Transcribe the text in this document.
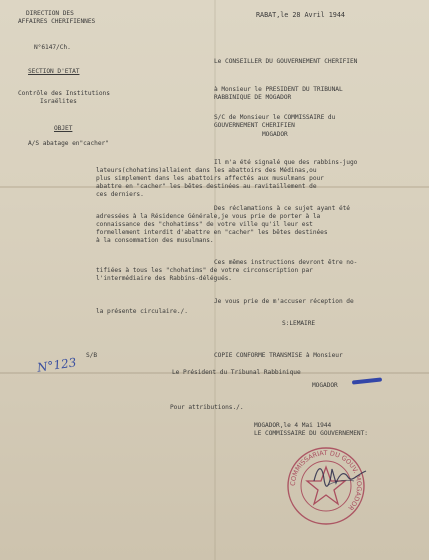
DIRECTION DES
AFFAIRES CHERIFIENNES
N°6147/Ch.
SECTION D'ETAT
Contrôle des Institutions
Israëlites
OBJET
A/S abatage en"cacher"
RABAT,le 28 Avril 1944
Le CONSEILLER DU GOUVERNEMENT CHERIFIEN
à Monsieur le PRESIDENT DU TRIBUNAL
RABBINIQUE DE MOGADOR
S/C de Monsieur le COMMISSAIRE du
GOUVERNEMENT CHERIFIEN
MOGADOR
Il m'a été signalé que des rabbins-jugo
lateurs(chohatims)allaient dans les abattoirs des Médinas,ou
plus simplement dans les abattoirs affectés aux musulmans pour
abattre en "cacher" les bêtes destinées au ravitaillement de
ces derniers.
Des réclamations à ce sujet ayant été
adressées à la Résidence Générale,je vous prie de porter à la
connaissance des "chohatimss" de votre ville qu'il leur est
formellement interdit d'abattre en "cacher" les bêtes destinées
à la consommation des musulmans.
Ces mêmes instructions devront être no-
tifiées à tous les "chohatims" de votre circonscription par
l'intermédiaire des Rabbins-délégués.
Je vous prie de m'accuser réception de
la présente circulaire./.
S:LEMAIRE
N°123 S/B	COPIE CONFORME TRANSMISE à Monsieur
Le Président du Tribunal Rabbinique
MOGADOR
Pour attributions./.
MOGADOR,le 4 Mai 1944
LE COMMISSAIRE DU GOUVERNEMENT:
COMMISSARIAT DU GOUV. MOGADOR
